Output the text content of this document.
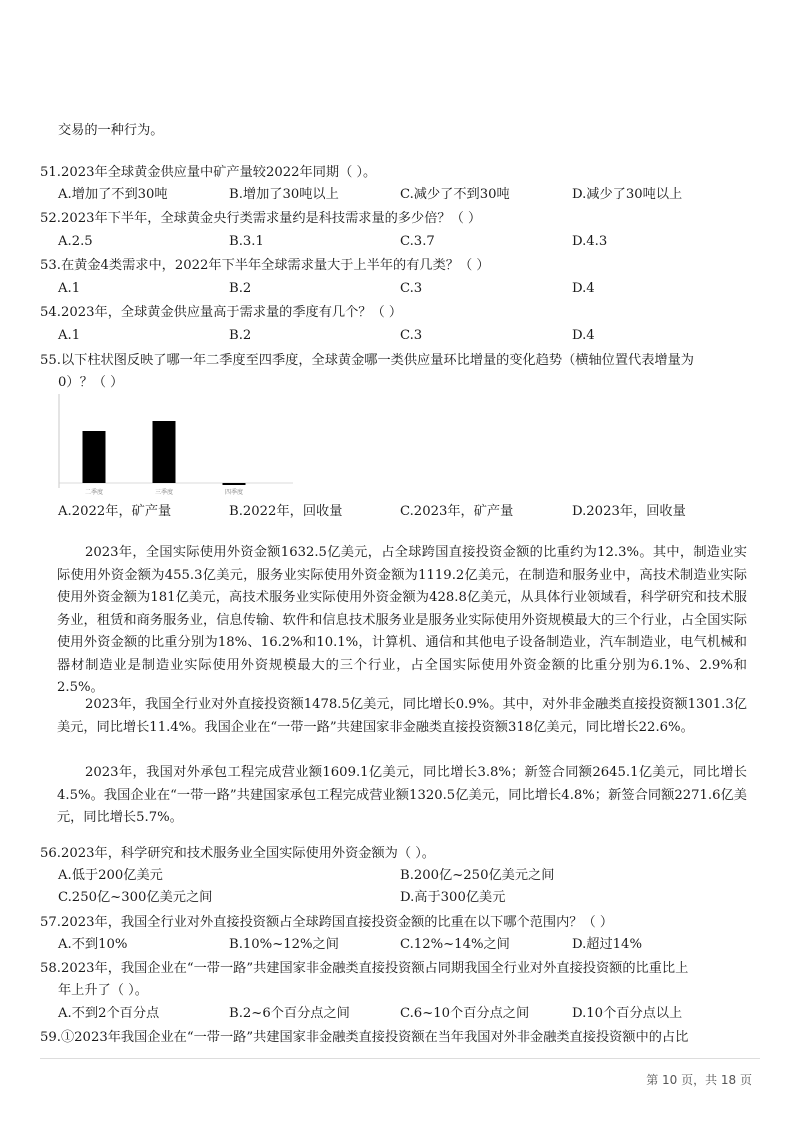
交易的一种行为。
51.2023年全球黄金供应量中矿产量较2022年同期（ ）。
A.增加了不到30吨	B.增加了30吨以上	C.减少了不到30吨	D.减少了30吨以上
52.2023年下半年，全球黄金央行类需求量约是科技需求量的多少倍？（ ）
A.2.5	B.3.1	C.3.7	D.4.3
53.在黄金4类需求中，2022年下半年全球需求量大于上半年的有几类？（ ）
A.1	B.2	C.3	D.4
54.2023年，全球黄金供应量高于需求量的季度有几个？（ ）
A.1	B.2	C.3	D.4
55.以下柱状图反映了哪一年二季度至四季度，全球黄金哪一类供应量环比增量的变化趋势（横轴位置代表增量为
0）？（ ）
二季度	三季度	四季度
A.2022年，矿产量	B.2022年，回收量	C.2023年，矿产量	D.2023年，回收量
2023年，全国实际使用外资金额1632.5亿美元，占全球跨国直接投资金额的比重约为12.3%。其中，制造业实际使用外资金额为455.3亿美元，服务业实际使用外资金额为1119.2亿美元，在制造和服务业中，高技术制造业实际使用外资金额为181亿美元，高技术服务业实际使用外资金额为428.8亿美元，从具体行业领域看，科学研究和技术服务业，租赁和商务服务业，信息传输、软件和信息技术服务业是服务业实际使用外资规模最大的三个行业，占全国实际使用外资金额的比重分别为18%、16.2%和10.1%，计算机、通信和其他电子设备制造业，汽车制造业，电气机械和器材制造业是制造业实际使用外资规模最大的三个行业，占全国实际使用外资金额的比重分别为6.1%、2.9%和2.5%。
2023年，我国全行业对外直接投资额1478.5亿美元，同比增长0.9%。其中，对外非金融类直接投资额1301.3亿美元，同比增长11.4%。我国企业在“一带一路”共建国家非金融类直接投资额318亿美元，同比增长22.6%。
2023年，我国对外承包工程完成营业额1609.1亿美元，同比增长3.8%；新签合同额2645.1亿美元，同比增长4.5%。我国企业在“一带一路”共建国家承包工程完成营业额1320.5亿美元，同比增长4.8%；新签合同额2271.6亿美元，同比增长5.7%。
56.2023年，科学研究和技术服务业全国实际使用外资金额为（ ）。
A.低于200亿美元	B.200亿~250亿美元之间
C.250亿~300亿美元之间	D.高于300亿美元
57.2023年，我国全行业对外直接投资额占全球跨国直接投资金额的比重在以下哪个范围内？（ ）
A.不到10%	B.10%~12%之间	C.12%~14%之间	D.超过14%
58.2023年，我国企业在“一带一路”共建国家非金融类直接投资额占同期我国全行业对外直接投资额的比重比上
年上升了（ ）。
A.不到2个百分点	B.2~6个百分点之间	C.6~10个百分点之间	D.10个百分点以上
59.①2023年我国企业在“一带一路”共建国家非金融类直接投资额在当年我国对外非金融类直接投资额中的占比
第 10 页，共 18 页
